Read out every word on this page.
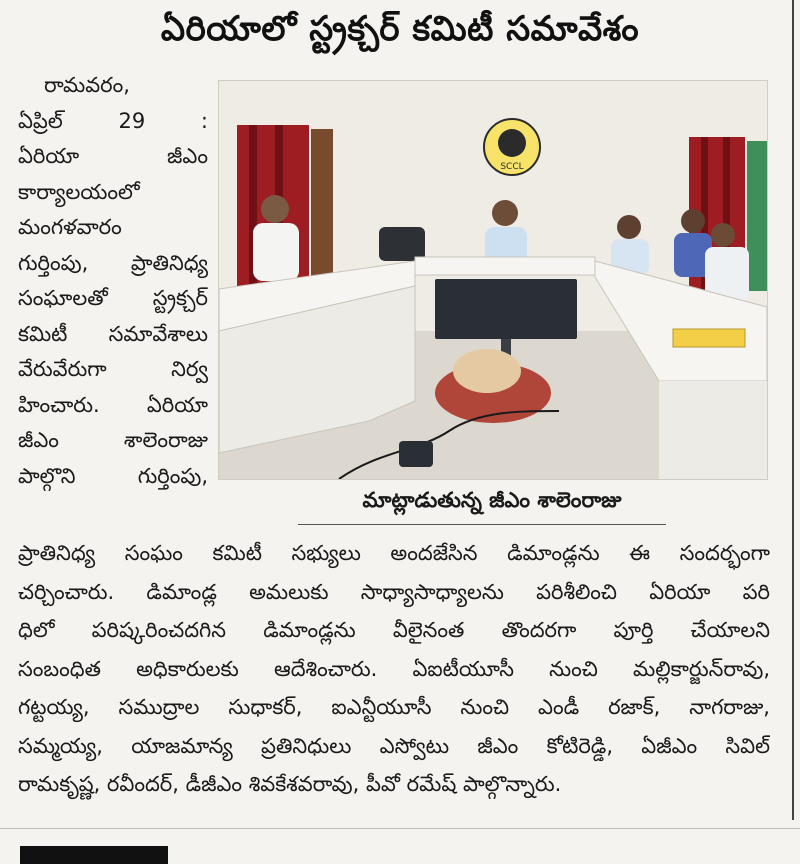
ఏరియాలో స్ట్రక్చర్ కమిటీ సమావేశం
రామవరం,
ఏప్రిల్ 29 :
ఏరియా జీఎం
కార్యాలయంలో
మంగళవారం
గుర్తింపు, ప్రాతినిధ్య
సంఘాలతో స్ట్రక్చర్
కమిటీ సమావేశాలు
వేరువేరుగా నిర్వ
హించారు. ఏరియా
జీఎం శాలెంరాజు
పాల్గొని గుర్తింపు,
SCCL
మాట్లాడుతున్న జీఎం శాలెంరాజు
ప్రాతినిధ్య సంఘం కమిటీ సభ్యులు అందజేసిన డిమాండ్లను ఈ సందర్భంగా
చర్చించారు. డిమాండ్ల అమలుకు సాధ్యాసాధ్యాలను పరిశీలించి ఏరియా పరి
ధిలో పరిష్కరించదగిన డిమాండ్లను వీలైనంత తొందరగా పూర్తి చేయాలని
సంబంధిత అధికారులకు ఆదేశించారు. ఏఐటీయూసీ నుంచి మల్లికార్జున్‌రావు,
గట్టయ్య, సముద్రాల సుధాకర్, ఐఎన్టీయూసీ నుంచి ఎండీ రజాక్, నాగరాజు,
సమ్మయ్య, యాజమాన్య ప్రతినిధులు ఎస్వోటు జీఎం కోటిరెడ్డి, ఏజీఎం సివిల్
రామకృష్ణ, రవీందర్, డీజీఎం శివకేశవరావు, పీవో రమేష్ పాల్గొన్నారు.
